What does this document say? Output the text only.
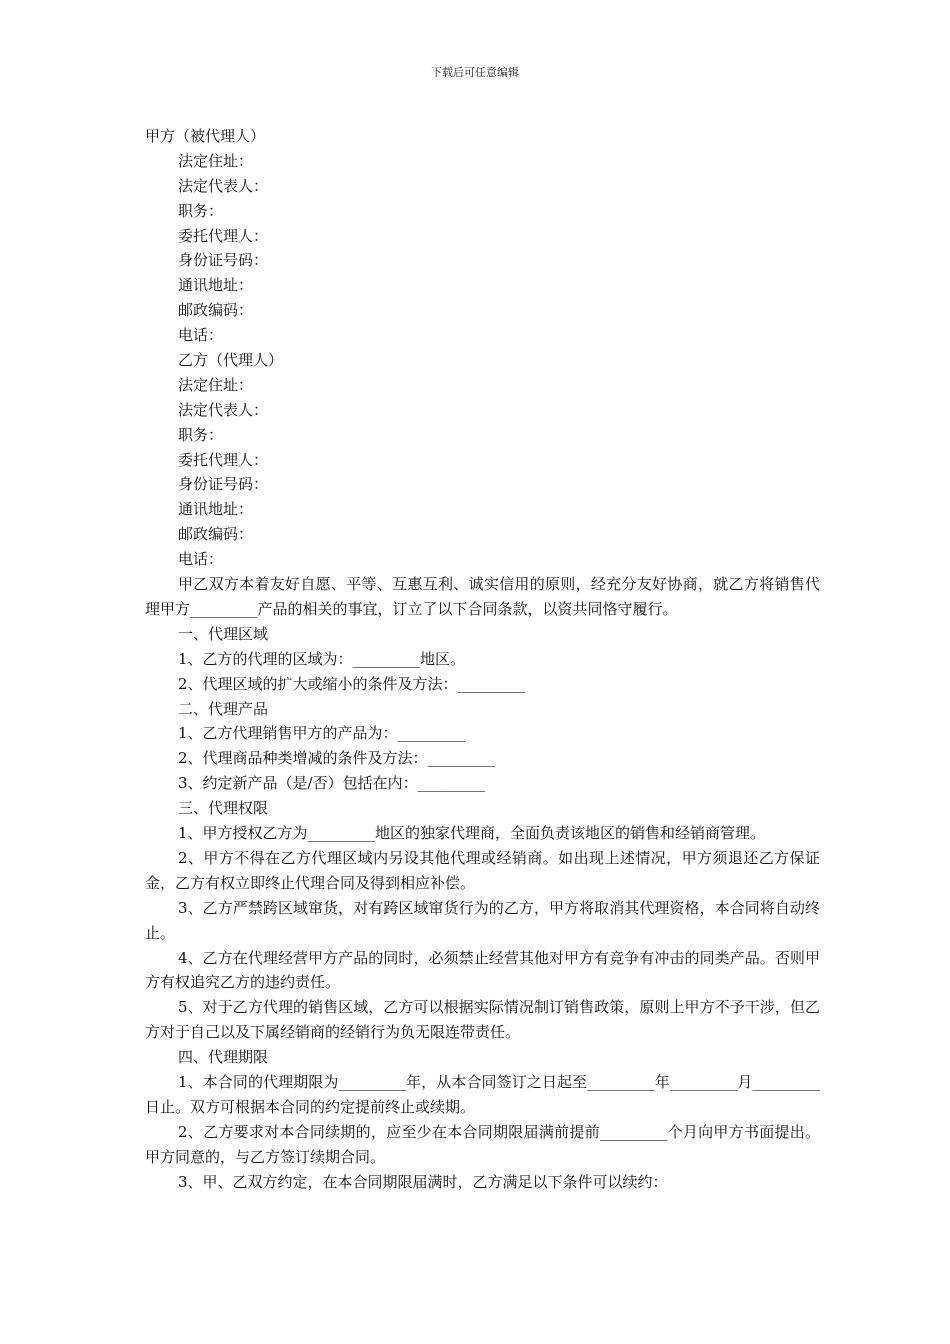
下载后可任意编辑
甲方（被代理人）
法定住址：
法定代表人：
职务：
委托代理人：
身份证号码：
通讯地址：
邮政编码：
电话：
乙方（代理人）
法定住址：
法定代表人：
职务：
委托代理人：
身份证号码：
通讯地址：
邮政编码：
电话：

甲乙双方本着友好自愿、平等、互惠互利、诚实信用的原则，经充分友好协商，就乙方将销售代理甲方_________产品的相关的事宜，订立了以下合同条款，以资共同恪守履行。

一、代理区域
1、乙方的代理的区域为：_________地区。
2、代理区域的扩大或缩小的条件及方法：_________
二、代理产品
1、乙方代理销售甲方的产品为：_________
2、代理商品种类增减的条件及方法：_________
3、约定新产品（是/否）包括在内：_________
三、代理权限

1、甲方授权乙方为_________地区的独家代理商，全面负责该地区的销售和经销商管理。

2、甲方不得在乙方代理区域内另设其他代理或经销商。如出现上述情况，甲方须退还乙方保证金，乙方有权立即终止代理合同及得到相应补偿。

3、乙方严禁跨区域窜货，对有跨区域窜货行为的乙方，甲方将取消其代理资格，本合同将自动终止。

4、乙方在代理经营甲方产品的同时，必须禁止经营其他对甲方有竞争有冲击的同类产品。否则甲方有权追究乙方的违约责任。

5、对于乙方代理的销售区域，乙方可以根据实际情况制订销售政策，原则上甲方不予干涉，但乙方对于自己以及下属经销商的经销行为负无限连带责任。

四、代理期限

1、本合同的代理期限为_________年，从本合同签订之日起至_________年_________月_________日止。双方可根据本合同的约定提前终止或续期。

2、乙方要求对本合同续期的，应至少在本合同期限届满前提前_________个月向甲方书面提出。甲方同意的，与乙方签订续期合同。

3、甲、乙双方约定，在本合同期限届满时，乙方满足以下条件可以续约：
